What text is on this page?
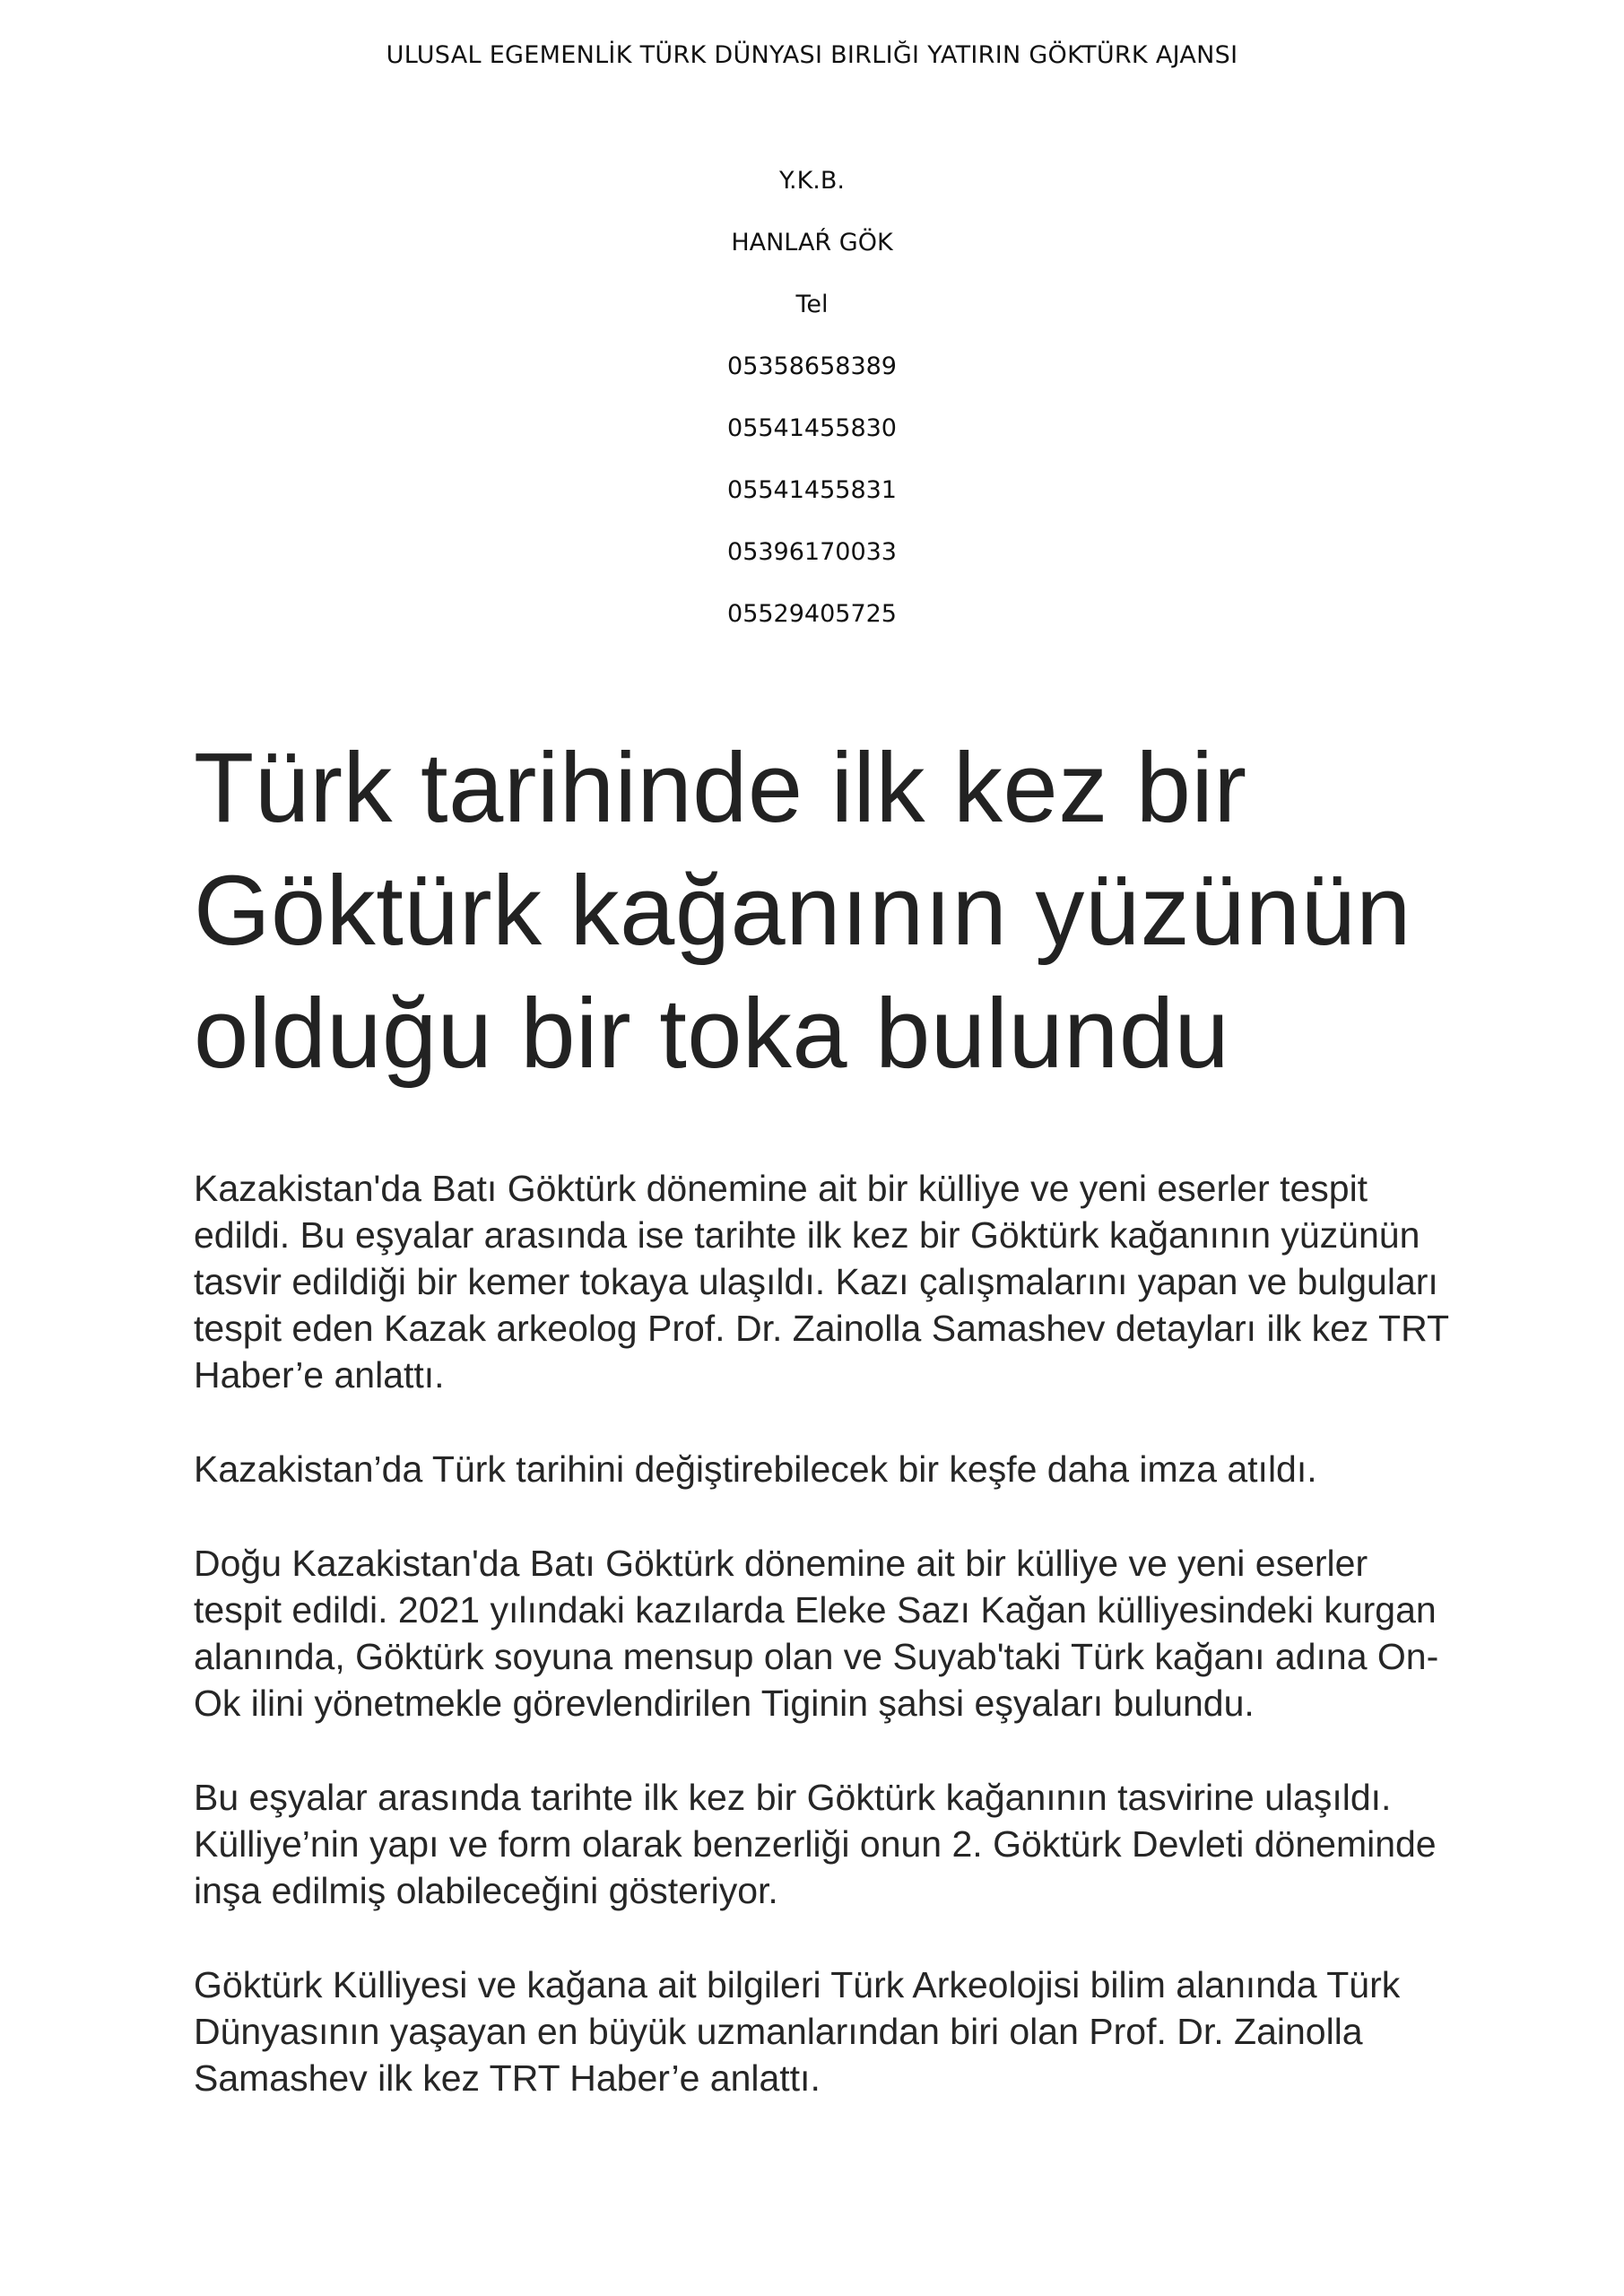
ULUSAL EGEMENLİK TÜRK DÜNYASI BIRLIĞI YATIRIN GÖKTÜRK AJANSI
Y.K.B.
HANLAŔ GÖK
Tel
05358658389
05541455830
05541455831
05396170033
05529405725
Türk tarihinde ilk kez bir Göktürk kağanının yüzünün olduğu bir toka bulundu

Kazakistan'da Batı Göktürk dönemine ait bir külliye ve yeni eserler tespit edildi. Bu eşyalar arasında ise tarihte ilk kez bir Göktürk kağanının yüzünün tasvir edildiği bir kemer tokaya ulaşıldı. Kazı çalışmalarını yapan ve bulguları tespit eden Kazak arkeolog Prof. Dr. Zainolla Samashev detayları ilk kez TRT Haber’e anlattı.

Kazakistan’da Türk tarihini değiştirebilecek bir keşfe daha imza atıldı.

Doğu Kazakistan'da Batı Göktürk dönemine ait bir külliye ve yeni eserler tespit edildi. 2021 yılındaki kazılarda Eleke Sazı Kağan külliyesindeki kurgan alanında, Göktürk soyuna mensup olan ve Suyab'taki Türk kağanı adına On-Ok ilini yönetmekle görevlendirilen Tiginin şahsi eşyaları bulundu.

Bu eşyalar arasında tarihte ilk kez bir Göktürk kağanının tasvirine ulaşıldı.

Külliye’nin yapı ve form olarak benzerliği onun 2. Göktürk Devleti döneminde inşa edilmiş olabileceğini gösteriyor.

Göktürk Külliyesi ve kağana ait bilgileri Türk Arkeolojisi bilim alanında Türk Dünyasının yaşayan en büyük uzmanlarından biri olan Prof. Dr. Zainolla Samashev ilk kez TRT Haber’e anlattı.
